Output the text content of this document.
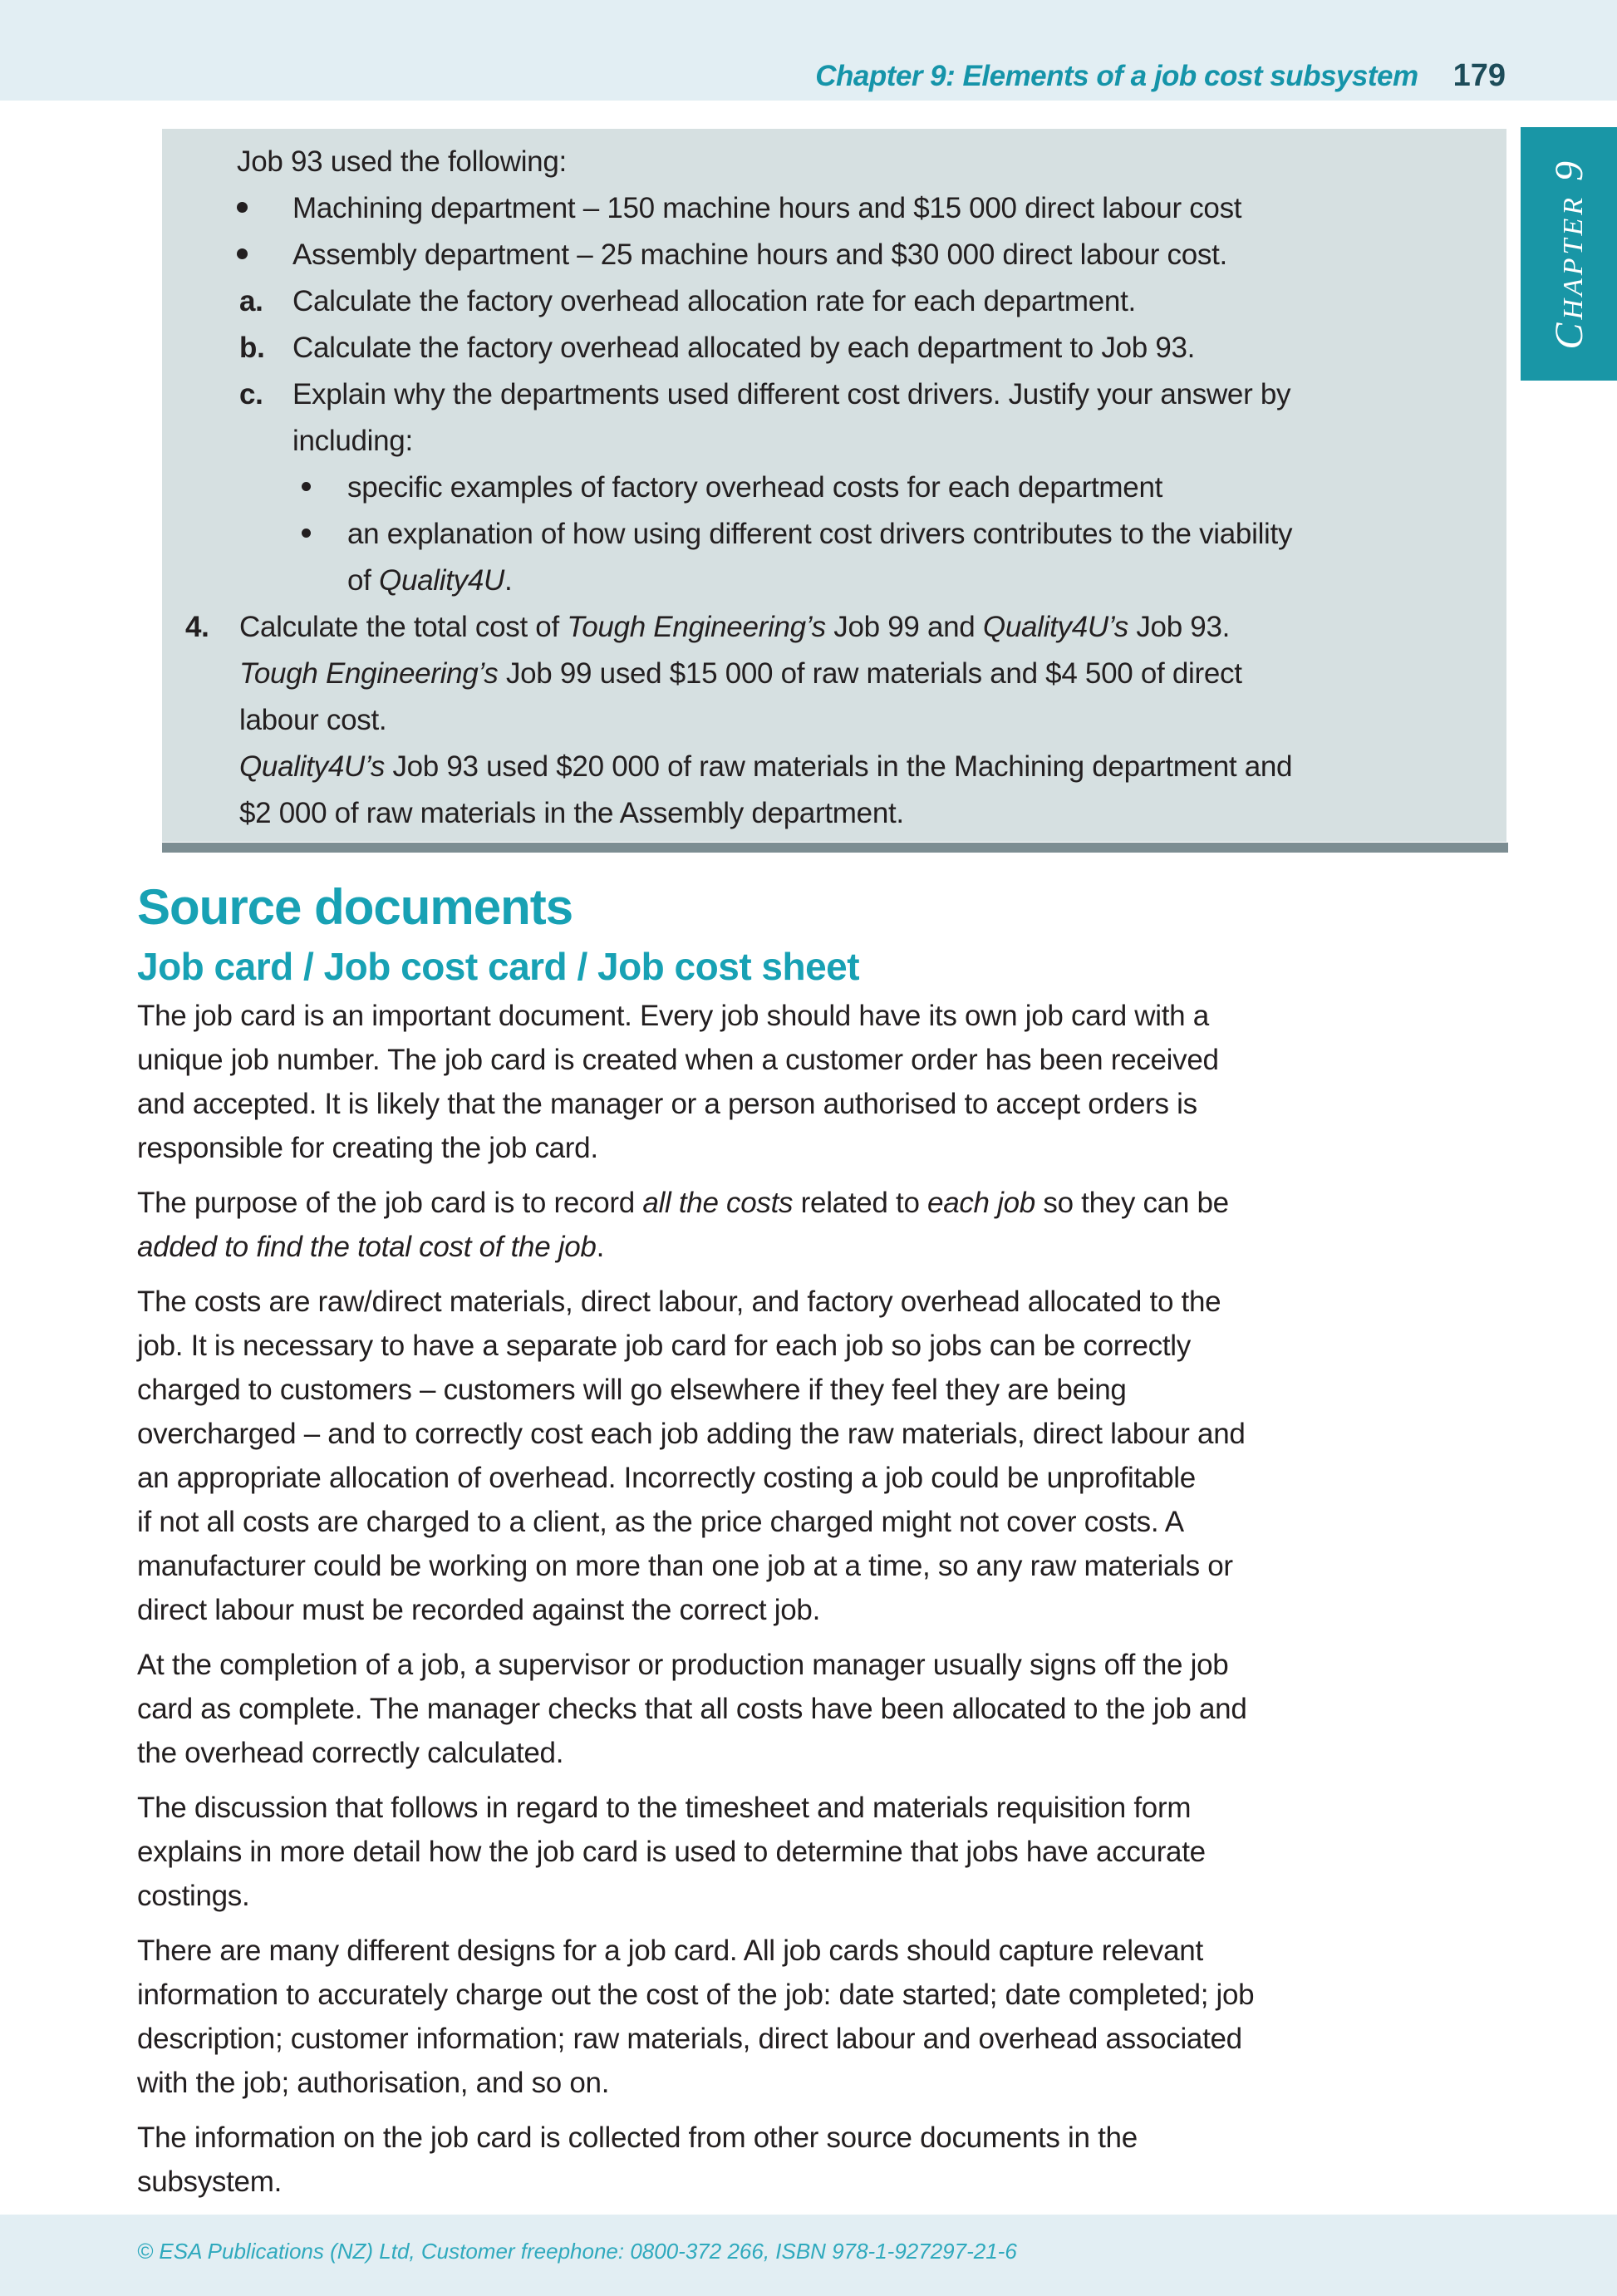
Chapter 9: Elements of a job cost subsystem 179
Chapter 9
Job 93 used the following:
Machining department – 150 machine hours and $15 000 direct labour cost
Assembly department – 25 machine hours and $30 000 direct labour cost.
a.	Calculate the factory overhead allocation rate for each department.
b. Calculate the factory overhead allocated by each department to Job 93.
c.	Explain why the departments used different cost drivers. Justify your answer by
including:
specific examples of factory overhead costs for each department
an explanation of how using different cost drivers contributes to the viability
of Quality4U.
4.	Calculate the total cost of Tough Engineering’s Job 99 and Quality4U’s Job 93.
Tough Engineering’s Job 99 used $15 000 of raw materials and $4 500 of direct
labour cost.
Quality4U’s Job 93 used $20 000 of raw materials in the Machining department and
$2 000 of raw materials in the Assembly department.
Source documents
Job card / Job cost card / Job cost sheet

The job card is an important document. Every job should have its own job card with a
unique job number. The job card is created when a customer order has been received
and accepted. It is likely that the manager or a person authorised to accept orders is
responsible for creating the job card.

The purpose of the job card is to record all the costs related to each job so they can be
added to find the total cost of the job.

The costs are raw/direct materials, direct labour, and factory overhead allocated to the
job. It is necessary to have a separate job card for each job so jobs can be correctly
charged to customers – customers will go elsewhere if they feel they are being
overcharged – and to correctly cost each job adding the raw materials, direct labour and
an appropriate allocation of overhead. Incorrectly costing a job could be unprofitable
if not all costs are charged to a client, as the price charged might not cover costs. A
manufacturer could be working on more than one job at a time, so any raw materials or
direct labour must be recorded against the correct job.

At the completion of a job, a supervisor or production manager usually signs off the job
card as complete. The manager checks that all costs have been allocated to the job and
the overhead correctly calculated.

The discussion that follows in regard to the timesheet and materials requisition form
explains in more detail how the job card is used to determine that jobs have accurate
costings.

There are many different designs for a job card. All job cards should capture relevant
information to accurately charge out the cost of the job: date started; date completed; job
description; customer information; raw materials, direct labour and overhead associated
with the job; authorisation, and so on.

The information on the job card is collected from other source documents in the
subsystem.

© ESA Publications (NZ) Ltd, Customer freephone: 0800-372 266, ISBN 978-1-927297-21-6
